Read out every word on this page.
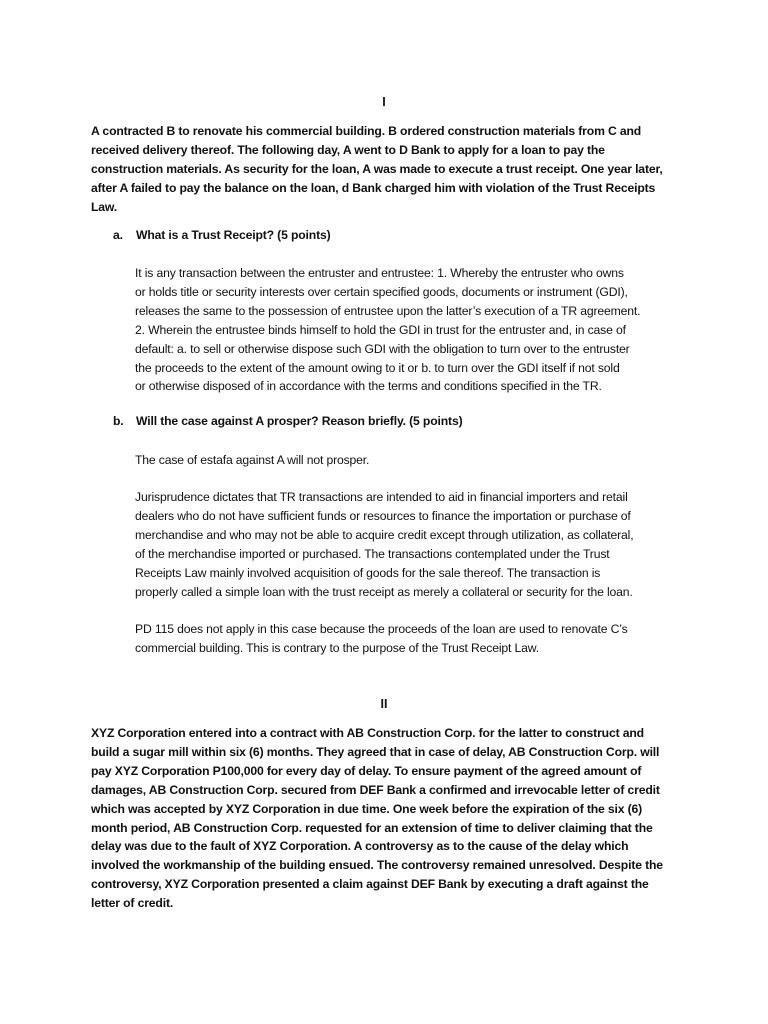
I
A contracted B to renovate his commercial building. B ordered construction materials from C and
received delivery thereof. The following day, A went to D Bank to apply for a loan to pay the
construction materials. As security for the loan, A was made to execute a trust receipt. One year later,
after A failed to pay the balance on the loan, d Bank charged him with violation of the Trust Receipts
Law.
a. What is a Trust Receipt? (5 points)
It is any transaction between the entruster and entrustee: 1. Whereby the entruster who owns
or holds title or security interests over certain specified goods, documents or instrument (GDI),
releases the same to the possession of entrustee upon the latter’s execution of a TR agreement.
2. Wherein the entrustee binds himself to hold the GDI in trust for the entruster and, in case of
default: a. to sell or otherwise dispose such GDI with the obligation to turn over to the entruster
the proceeds to the extent of the amount owing to it or b. to turn over the GDI itself if not sold
or otherwise disposed of in accordance with the terms and conditions specified in the TR.
b. Will the case against A prosper? Reason briefly. (5 points)
The case of estafa against A will not prosper.
Jurisprudence dictates that TR transactions are intended to aid in financial importers and retail
dealers who do not have sufficient funds or resources to finance the importation or purchase of
merchandise and who may not be able to acquire credit except through utilization, as collateral,
of the merchandise imported or purchased. The transactions contemplated under the Trust
Receipts Law mainly involved acquisition of goods for the sale thereof. The transaction is
properly called a simple loan with the trust receipt as merely a collateral or security for the loan.
PD 115 does not apply in this case because the proceeds of the loan are used to renovate C’s
commercial building. This is contrary to the purpose of the Trust Receipt Law.
II
XYZ Corporation entered into a contract with AB Construction Corp. for the latter to construct and
build a sugar mill within six (6) months. They agreed that in case of delay, AB Construction Corp. will
pay XYZ Corporation P100,000 for every day of delay. To ensure payment of the agreed amount of
damages, AB Construction Corp. secured from DEF Bank a confirmed and irrevocable letter of credit
which was accepted by XYZ Corporation in due time. One week before the expiration of the six (6)
month period, AB Construction Corp. requested for an extension of time to deliver claiming that the
delay was due to the fault of XYZ Corporation. A controversy as to the cause of the delay which
involved the workmanship of the building ensued. The controversy remained unresolved. Despite the
controversy, XYZ Corporation presented a claim against DEF Bank by executing a draft against the
letter of credit.
